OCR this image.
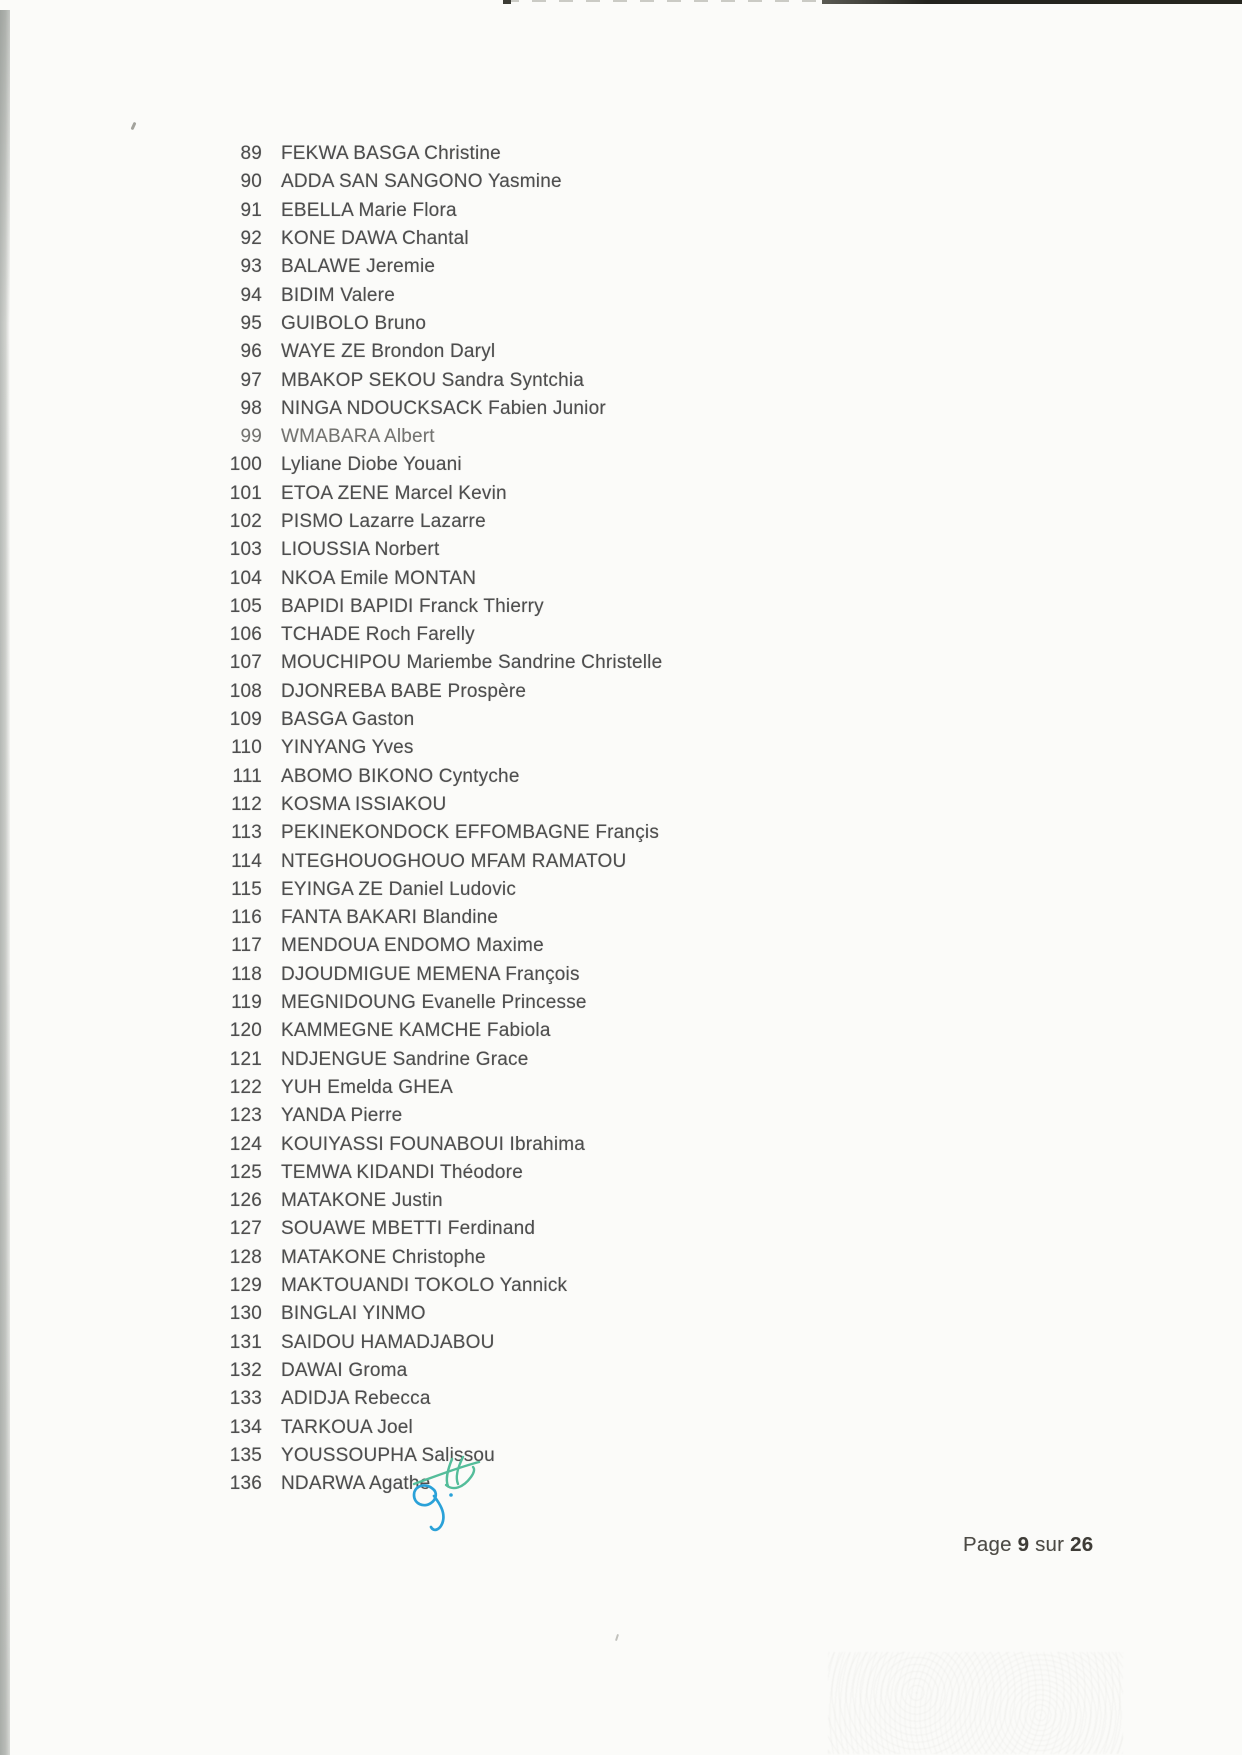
89 FEKWA BASGA Christine
90 ADDA SAN SANGONO Yasmine
91 EBELLA Marie Flora
92 KONE DAWA Chantal
93 BALAWE Jeremie
94 BIDIM Valere
95 GUIBOLO Bruno
96 WAYE ZE Brondon Daryl
97 MBAKOP SEKOU Sandra Syntchia
98 NINGA NDOUCKSACK Fabien Junior
99 WMABARA Albert
100 Lyliane Diobe Youani
101 ETOA ZENE Marcel Kevin
102 PISMO Lazarre Lazarre
103 LIOUSSIA Norbert
104 NKOA Emile MONTAN
105 BAPIDI BAPIDI Franck Thierry
106 TCHADE Roch Farelly
107 MOUCHIPOU Mariembe Sandrine Christelle
108 DJONREBA BABE Prospère
109 BASGA Gaston
110 YINYANG Yves
111 ABOMO BIKONO Cyntyche
112 KOSMA ISSIAKOU
113 PEKINEKONDOCK EFFOMBAGNE Françis
114 NTEGHOUOGHOUO MFAM RAMATOU
115 EYINGA ZE Daniel Ludovic
116 FANTA BAKARI Blandine
117 MENDOUA ENDOMO Maxime
118 DJOUDMIGUE MEMENA François
119 MEGNIDOUNG Evanelle Princesse
120 KAMMEGNE KAMCHE Fabiola
121 NDJENGUE Sandrine Grace
122 YUH Emelda GHEA
123 YANDA Pierre
124 KOUIYASSI FOUNABOUI Ibrahima
125 TEMWA KIDANDI Théodore
126 MATAKONE Justin
127 SOUAWE MBETTI Ferdinand
128 MATAKONE Christophe
129 MAKTOUANDI TOKOLO Yannick
130 BINGLAI YINMO
131 SAIDOU HAMADJABOU
132 DAWAI Groma
133 ADIDJA Rebecca
134 TARKOUA Joel
135 YOUSSOUPHA Salissou
136 NDARWA Agathe
Page 9 sur 26
